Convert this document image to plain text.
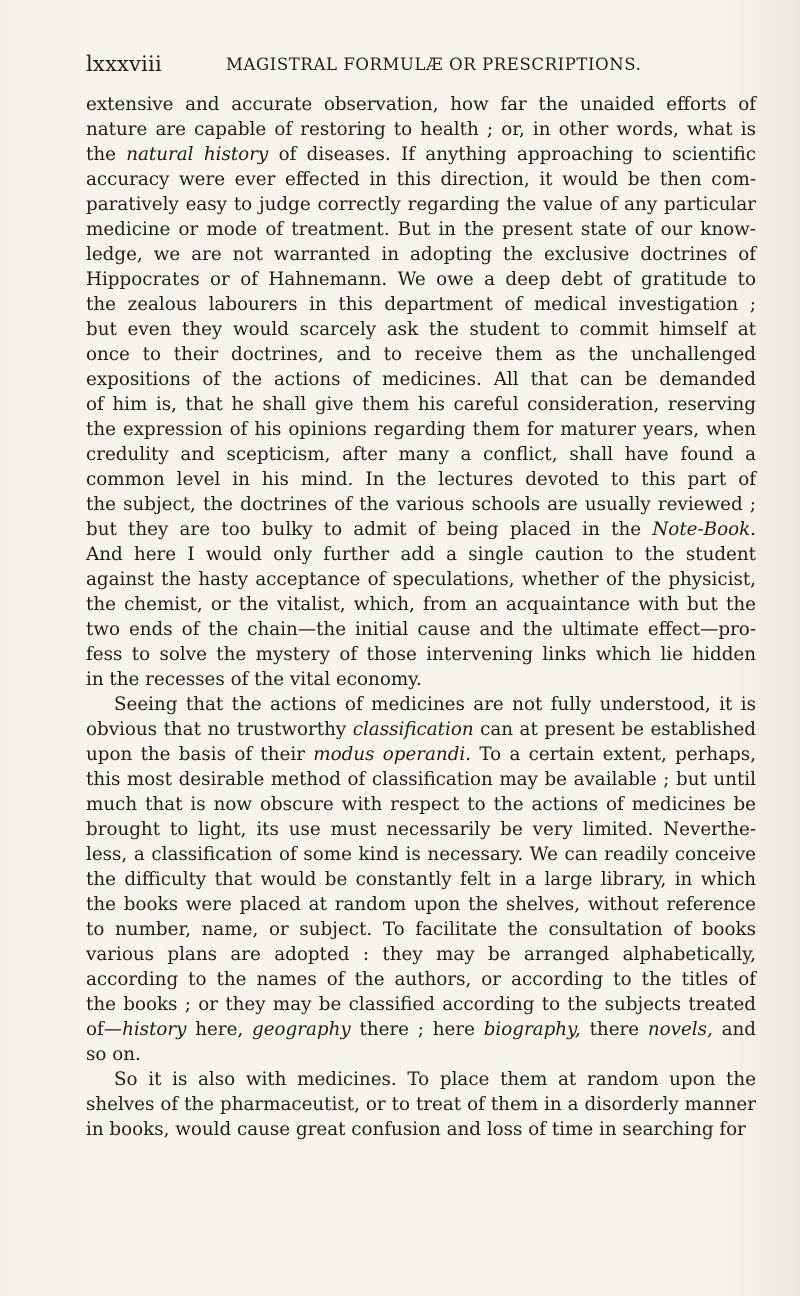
lxxxviii	MAGISTRAL FORMULÆ OR PRESCRIPTIONS.
extensive and accurate observation, how far the unaided efforts of
nature are capable of restoring to health ; or, in other words, what is
the natural history of diseases. If anything approaching to scientific
accuracy were ever effected in this direction, it would be then com-
paratively easy to judge correctly regarding the value of any particular
medicine or mode of treatment. But in the present state of our know-
ledge, we are not warranted in adopting the exclusive doctrines of
Hippocrates or of Hahnemann. We owe a deep debt of gratitude to
the zealous labourers in this department of medical investigation ;
but even they would scarcely ask the student to commit himself at
once to their doctrines, and to receive them as the unchallenged
expositions of the actions of medicines. All that can be demanded
of him is, that he shall give them his careful consideration, reserving
the expression of his opinions regarding them for maturer years, when
credulity and scepticism, after many a conflict, shall have found a
common level in his mind. In the lectures devoted to this part of
the subject, the doctrines of the various schools are usually reviewed ;
but they are too bulky to admit of being placed in the Note-Book.
And here I would only further add a single caution to the student
against the hasty acceptance of speculations, whether of the physicist,
the chemist, or the vitalist, which, from an acquaintance with but the
two ends of the chain—the initial cause and the ultimate effect—pro-
fess to solve the mystery of those intervening links which lie hidden
in the recesses of the vital economy.
Seeing that the actions of medicines are not fully understood, it is
obvious that no trustworthy classification can at present be established
upon the basis of their modus operandi. To a certain extent, perhaps,
this most desirable method of classification may be available ; but until
much that is now obscure with respect to the actions of medicines be
brought to light, its use must necessarily be very limited. Neverthe-
less, a classification of some kind is necessary. We can readily conceive
the difficulty that would be constantly felt in a large library, in which
the books were placed at random upon the shelves, without reference
to number, name, or subject. To facilitate the consultation of books
various plans are adopted : they may be arranged alphabetically,
according to the names of the authors, or according to the titles of
the books ; or they may be classified according to the subjects treated
of—history here, geography there ; here biography, there novels, and
so on.
So it is also with medicines. To place them at random upon the
shelves of the pharmaceutist, or to treat of them in a disorderly manner
in books, would cause great confusion and loss of time in searching for
